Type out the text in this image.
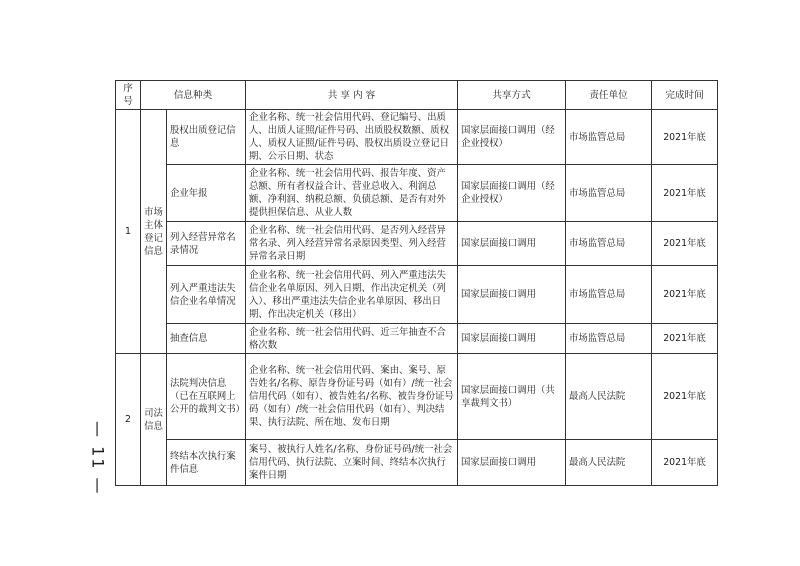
— 11 —
序号	信息种类		共 享 内 容	共享方式	责任单位	完成时间
1	市场主体登记信息	股权出质登记信息	企业名称、统一社会信用代码、登记编号、出质人、出质人证照/证件号码、出质股权数额、质权人、质权人证照/证件号码、股权出质设立登记日期、公示日期、状态	国家层面接口调用（经企业授权）	市场监管总局	2021年底
		企业年报	企业名称、统一社会信用代码、报告年度、资产总额、所有者权益合计、营业总收入、利润总额、净利润、纳税总额、负债总额、是否有对外提供担保信息、从业人数	国家层面接口调用（经企业授权）	市场监管总局	2021年底
		列入经营异常名录情况	企业名称、统一社会信用代码、是否列入经营异常名录、列入经营异常名录原因类型、列入经营异常名录日期	国家层面接口调用	市场监管总局	2021年底
		列入严重违法失信企业名单情况	企业名称、统一社会信用代码、列入严重违法失信企业名单原因、列入日期、作出决定机关（列入）、移出严重违法失信企业名单原因、移出日期、作出决定机关（移出）	国家层面接口调用	市场监管总局	2021年底
		抽查信息	企业名称、统一社会信用代码、近三年抽查不合格次数	国家层面接口调用	市场监管总局	2021年底
2	司法信息	法院判决信息（已在互联网上公开的裁判文书）	企业名称、统一社会信用代码、案由、案号、原告姓名/名称、原告身份证号码（如有）/统一社会信用代码（如有）、被告姓名/名称、被告身份证号码（如有）/统一社会信用代码（如有）、判决结果、执行法院、所在地、发布日期	国家层面接口调用（共享裁判文书）	最高人民法院	2021年底
		终结本次执行案件信息	案号、被执行人姓名/名称、身份证号码/统一社会信用代码、执行法院、立案时间、终结本次执行案件日期	国家层面接口调用	最高人民法院	2021年底
